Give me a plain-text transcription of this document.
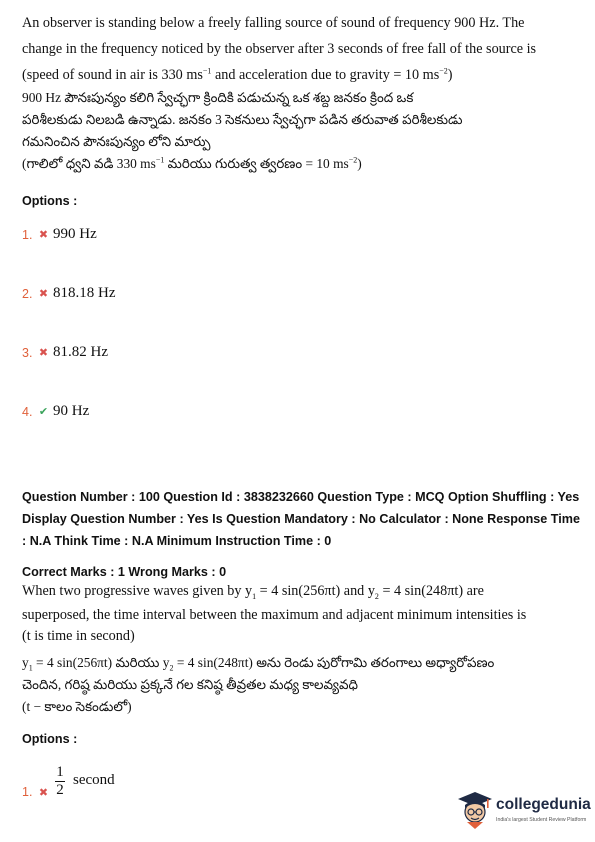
An observer is standing below a freely falling source of sound of frequency 900 Hz. The
change in the frequency noticed by the observer after 3 seconds of free fall of the source is
(speed of sound in air is 330 $ms^{-1}$ and acceleration due to gravity = 10 $ms^{-2}$)
900 Hz పౌనఃపున్యం కలిగి స్వేచ్ఛగా క్రిందికి పడుచున్న ఒక శబ్ద జనకం క్రింద ఒక
పరిశీలకుడు నిలబడి ఉన్నాడు. జనకం 3 సెకనులు స్వేచ్ఛగా పడిన తరువాత పరిశీలకుడు
గమనించిన పౌనఃపున్యం లోని మార్పు
(గాలిలో ధ్వని వడి 330 $ms^{-1}$ మరియు గురుత్వ త్వరణం = 10 $ms^{-2}$)
Options :
1. ✖ 990 Hz
2. ✖ 818.18 Hz
3. ✖ 81.82 Hz
4. ✔ 90 Hz
Question Number : 100 Question Id : 3838232660 Question Type : MCQ Option Shuffling : Yes
Display Question Number : Yes Is Question Mandatory : No Calculator : None Response Time
: N.A Think Time : N.A Minimum Instruction Time : 0
Correct Marks : 1 Wrong Marks : 0
When two progressive waves given by $y_1 = 4$ sin(256πt) and $y_2 = 4$ sin(248πt) are
superposed, the time interval between the maximum and adjacent minimum intensities is
(t is time in second)
$y_1 = 4$ sin(256πt) మరియు $y_2 = 4$ sin(248πt) అను రెండు పురోగామి తరంగాలు అధ్యారోపణం
చెందిన, గరిష్ఠ మరియు ప్రక్కనే గల కనిష్ఠ తీవ్రతల మధ్య కాలవ్యవధి
(t − కాలం సెకండులో)
Options :
1. ✖ $\frac{1}{2}$ second
collegedunia
India's largest Student Review Platform
